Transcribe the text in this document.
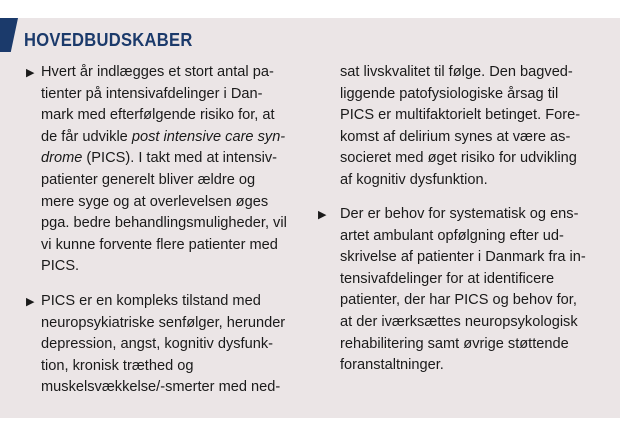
HOVEDBUDSKABER
▶ Hvert år indlægges et stort antal pa-
tienter på intensivafdelinger i Dan-
mark med efterfølgende risiko for, at
de får udvikle post intensive care syn-
drome (PICS). I takt med at intensiv-
patienter generelt bliver ældre og
mere syge og at overlevelsen øges
pga. bedre behandlingsmuligheder, vil
vi kunne forvente flere patienter med
PICS.
▶ PICS er en kompleks tilstand med
neuropsykiatriske senfølger, herunder
depression, angst, kognitiv dysfunk-
tion, kronisk træthed og
muskelsvækkelse/-smerter med ned-
sat livskvalitet til følge. Den bagved-
liggende patofysiologiske årsag til
PICS er multifaktorielt betinget. Fore-
komst af delirium synes at være as-
socieret med øget risiko for udvikling
af kognitiv dysfunktion.
▶ Der er behov for systematisk og ens-
artet ambulant opfølgning efter ud-
skrivelse af patienter i Danmark fra in-
tensivafdelinger for at identificere
patienter, der har PICS og behov for,
at der iværksættes neuropsykologisk
rehabilitering samt øvrige støttende
foranstaltninger.
